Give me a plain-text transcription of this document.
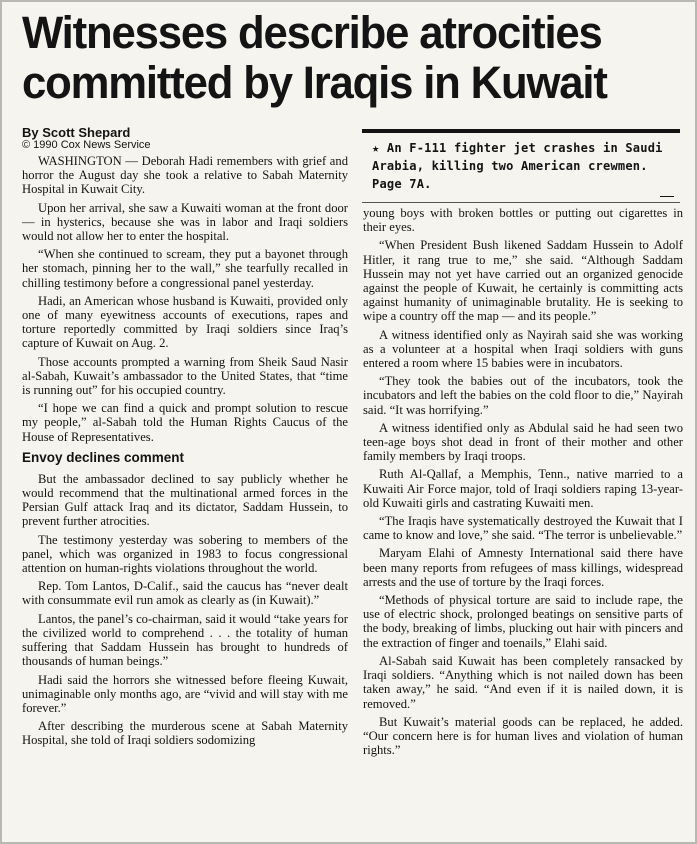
Witnesses describe atrocities
committed by Iraqis in Kuwait
By Scott Shepard
© 1990 Cox News Service	★ An F-111 fighter jet crashes in Saudi Arabia, killing two American crewmen. Page 7A.

WASHINGTON — Deborah Hadi remembers with grief and horror the August day she took a relative to Sabah Maternity Hospital in Kuwait City.

Upon her arrival, she saw a Kuwaiti woman at the front door — in hysterics, because she was in labor and Iraqi soldiers would not allow her to enter the hospital.

“When she continued to scream, they put a bayonet through her stomach, pinning her to the wall,” she tearfully recalled in chilling testimony before a congressional panel yesterday.

Hadi, an American whose husband is Kuwaiti, provided only one of many eyewitness accounts of executions, rapes and torture reportedly committed by Iraqi soldiers since Iraq’s capture of Kuwait on Aug. 2.

Those accounts prompted a warning from Sheik Saud Nasir al-Sabah, Kuwait’s ambassador to the United States, that “time is running out” for his occupied country.

“I hope we can find a quick and prompt solution to rescue my people,” al-Sabah told the Human Rights Caucus of the House of Representatives.

Envoy declines comment

But the ambassador declined to say publicly whether he would recommend that the multinational armed forces in the Persian Gulf attack Iraq and its dictator, Saddam Hussein, to prevent further atrocities.

The testimony yesterday was sobering to members of the panel, which was organized in 1983 to focus congressional attention on human-rights violations throughout the world.

Rep. Tom Lantos, D-Calif., said the caucus has “never dealt with consummate evil run amok as clearly as (in Kuwait).”

Lantos, the panel’s co-chairman, said it would “take years for the civilized world to comprehend . . . the totality of human suffering that Saddam Hussein has brought to hundreds of thousands of human beings.”

Hadi said the horrors she witnessed before fleeing Kuwait, unimaginable only months ago, are “vivid and will stay with me forever.”

After describing the murderous scene at Sabah Maternity Hospital, she told of Iraqi soldiers sodomizing

young boys with broken bottles or putting out cigarettes in their eyes.

“When President Bush likened Saddam Hussein to Adolf Hitler, it rang true to me,” she said. “Although Saddam Hussein may not yet have carried out an organized genocide against the people of Kuwait, he certainly is committing acts against humanity of unimaginable brutality. He is seeking to wipe a country off the map — and its people.”

A witness identified only as Nayirah said she was working as a volunteer at a hospital when Iraqi soldiers with guns entered a room where 15 babies were in incubators.

“They took the babies out of the incubators, took the incubators and left the babies on the cold floor to die,” Nayirah said. “It was horrifying.”

A witness identified only as Abdulal said he had seen two teen-age boys shot dead in front of their mother and other family members by Iraqi troops.

Ruth Al-Qallaf, a Memphis, Tenn., native married to a Kuwaiti Air Force major, told of Iraqi soldiers raping 13-year-old Kuwaiti girls and castrating Kuwaiti men.

“The Iraqis have systematically destroyed the Kuwait that I came to know and love,” she said. “The terror is unbelievable.”

Maryam Elahi of Amnesty International said there have been many reports from refugees of mass killings, widespread arrests and the use of torture by the Iraqi forces.

“Methods of physical torture are said to include rape, the use of electric shock, prolonged beatings on sensitive parts of the body, breaking of limbs, plucking out hair with pincers and the extraction of finger and toenails,” Elahi said.

Al-Sabah said Kuwait has been completely ransacked by Iraqi soldiers. “Anything which is not nailed down has been taken away,” he said. “And even if it is nailed down, it is removed.”

But Kuwait’s material goods can be replaced, he added. “Our concern here is for human lives and violation of human rights.”
